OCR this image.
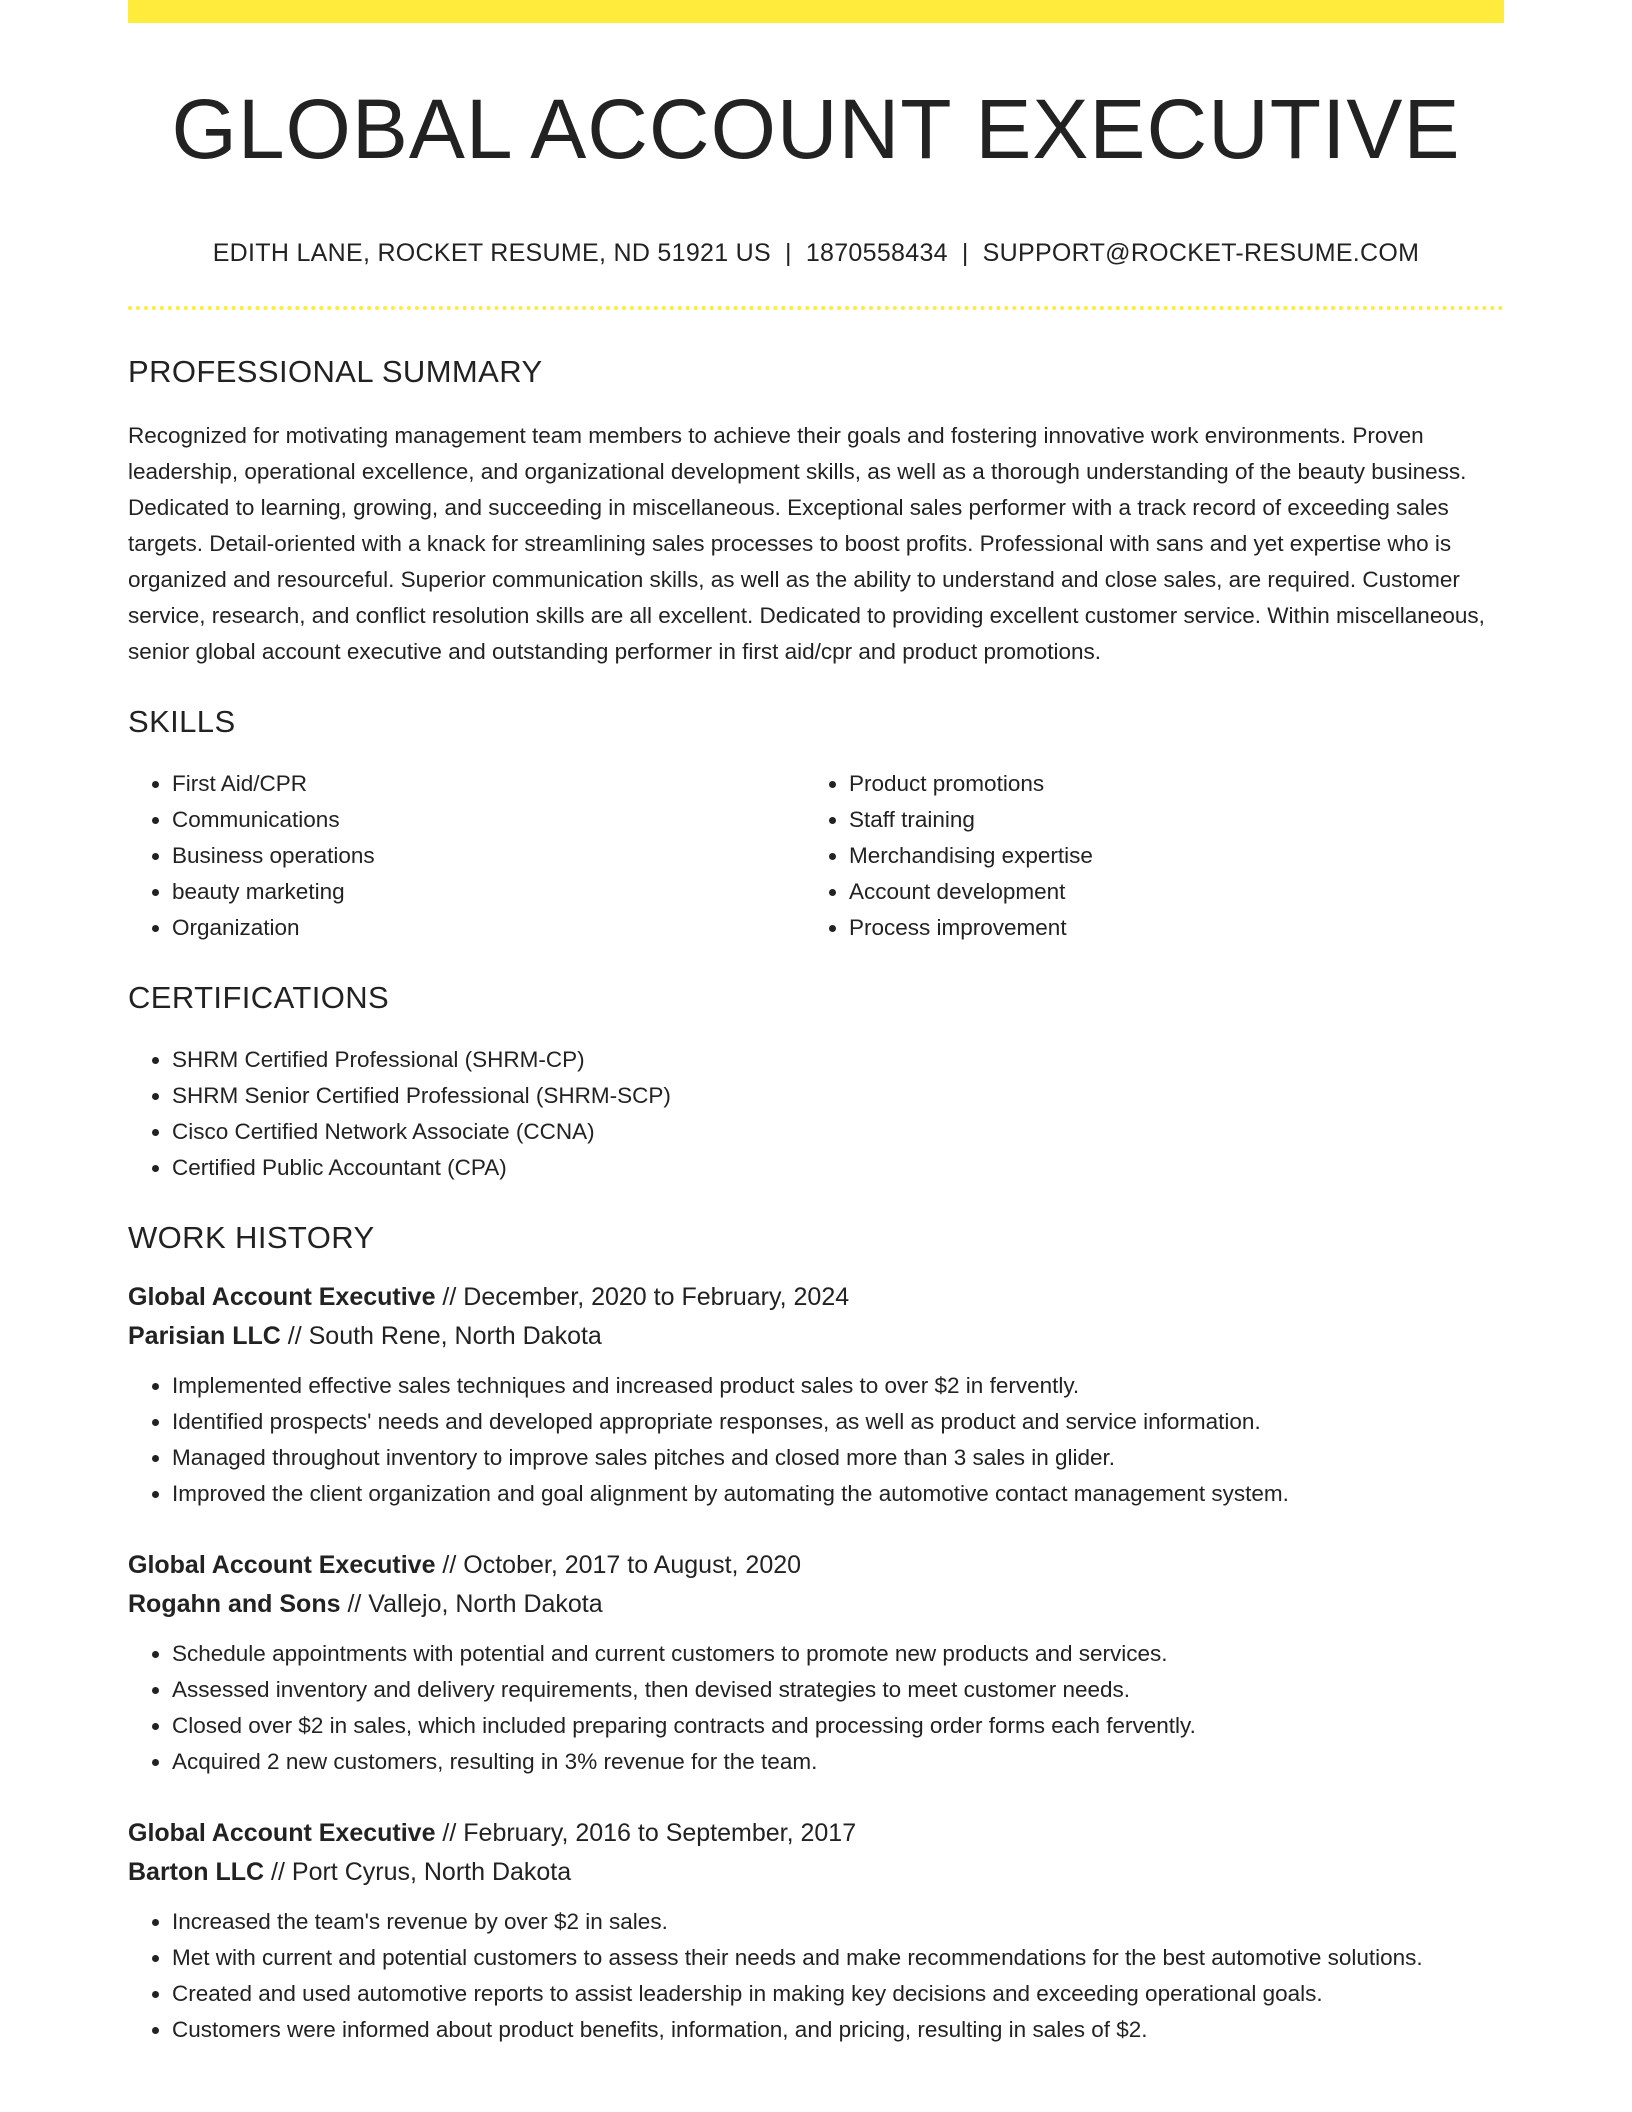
GLOBAL ACCOUNT EXECUTIVE
EDITH LANE, ROCKET RESUME, ND 51921 US | 1870558434 | SUPPORT@ROCKET-RESUME.COM
PROFESSIONAL SUMMARY
Recognized for motivating management team members to achieve their goals and fostering innovative work environments. Proven leadership, operational excellence, and organizational development skills, as well as a thorough understanding of the beauty business. Dedicated to learning, growing, and succeeding in miscellaneous. Exceptional sales performer with a track record of exceeding sales targets. Detail-oriented with a knack for streamlining sales processes to boost profits. Professional with sans and yet expertise who is organized and resourceful. Superior communication skills, as well as the ability to understand and close sales, are required. Customer service, research, and conflict resolution skills are all excellent. Dedicated to providing excellent customer service. Within miscellaneous, senior global account executive and outstanding performer in first aid/cpr and product promotions.
SKILLS
• First Aid/CPR
• Communications
• Business operations
• beauty marketing
• Organization
• Product promotions
• Staff training
• Merchandising expertise
• Account development
• Process improvement
CERTIFICATIONS
• SHRM Certified Professional (SHRM-CP)
• SHRM Senior Certified Professional (SHRM-SCP)
• Cisco Certified Network Associate (CCNA)
• Certified Public Accountant (CPA)
WORK HISTORY
Global Account Executive // December, 2020 to February, 2024
Parisian LLC // South Rene, North Dakota
• Implemented effective sales techniques and increased product sales to over $2 in fervently.
• Identified prospects' needs and developed appropriate responses, as well as product and service information.
• Managed throughout inventory to improve sales pitches and closed more than 3 sales in glider.
• Improved the client organization and goal alignment by automating the automotive contact management system.
Global Account Executive // October, 2017 to August, 2020
Rogahn and Sons // Vallejo, North Dakota
• Schedule appointments with potential and current customers to promote new products and services.
• Assessed inventory and delivery requirements, then devised strategies to meet customer needs.
• Closed over $2 in sales, which included preparing contracts and processing order forms each fervently.
• Acquired 2 new customers, resulting in 3% revenue for the team.
Global Account Executive // February, 2016 to September, 2017
Barton LLC // Port Cyrus, North Dakota
• Increased the team's revenue by over $2 in sales.
• Met with current and potential customers to assess their needs and make recommendations for the best automotive solutions.
• Created and used automotive reports to assist leadership in making key decisions and exceeding operational goals.
• Customers were informed about product benefits, information, and pricing, resulting in sales of $2.
